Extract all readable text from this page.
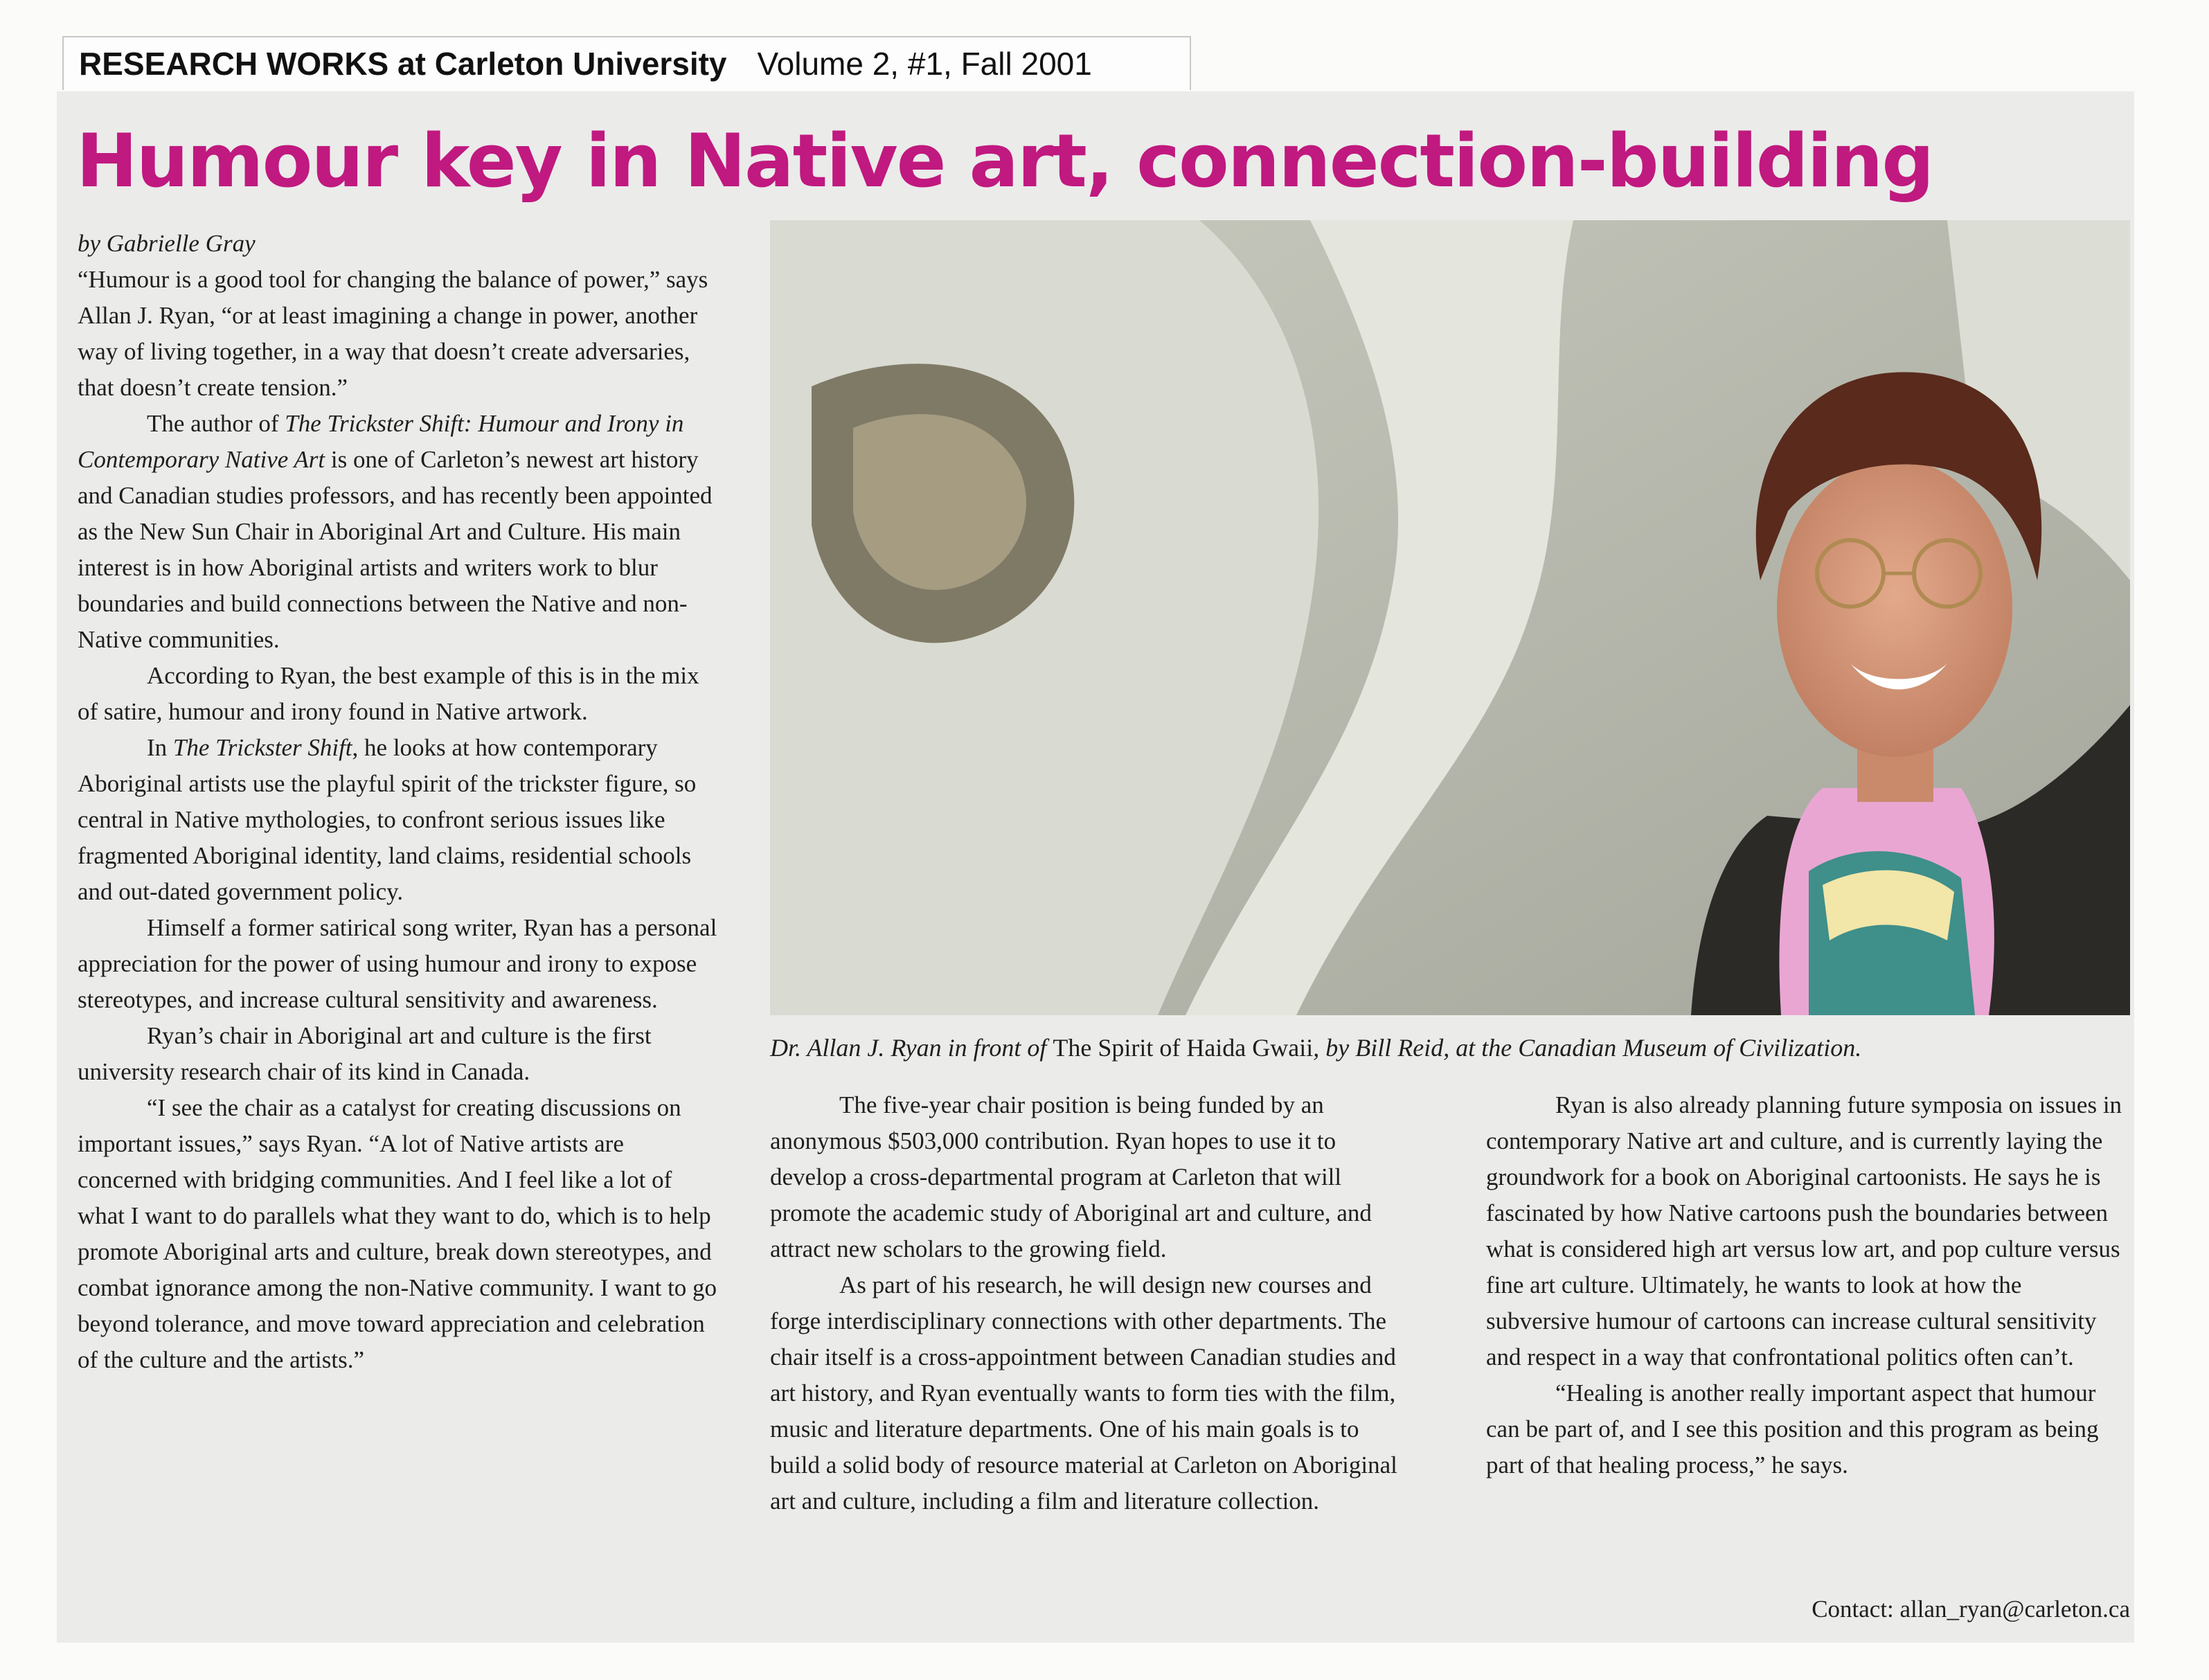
RESEARCH WORKS at Carleton University Volume 2, #1, Fall 2001
Humour key in Native art, connection-building

by Gabrielle Gray

“Humour is a good tool for changing the balance of power,” says Allan J. Ryan, “or at least imagining a change in power, another way of living together, in a way that doesn’t create adversaries, that doesn’t create tension.”

The author of The Trickster Shift: Humour and Irony in Contemporary Native Art is one of Carleton’s newest art history and Canadian studies professors, and has recently been appointed as the New Sun Chair in Aboriginal Art and Culture. His main interest is in how Aboriginal artists and writers work to blur boundaries and build connections between the Native and non-Native communities.

According to Ryan, the best example of this is in the mix of satire, humour and irony found in Native artwork.

In The Trickster Shift, he looks at how contemporary Aboriginal artists use the playful spirit of the trickster figure, so central in Native mythologies, to confront serious issues like fragmented Aboriginal identity, land claims, residential schools and out-dated government policy.

Himself a former satirical song writer, Ryan has a personal appreciation for the power of using humour and irony to expose stereotypes, and increase cultural sensitivity and awareness.

Ryan’s chair in Aboriginal art and culture is the first university research chair of its kind in Canada.

“I see the chair as a catalyst for creating discussions on important issues,” says Ryan. “A lot of Native artists are concerned with bridging communities. And I feel like a lot of what I want to do parallels what they want to do, which is to help promote Aboriginal arts and culture, break down stereotypes, and combat ignorance among the non-Native community. I want to go beyond tolerance, and move toward appreciation and celebration of the culture and the artists.”

Dr. Allan J. Ryan in front of The Spirit of Haida Gwaii, by Bill Reid, at the Canadian Museum of Civilization.

The five-year chair position is being funded by an anonymous $503,000 contribution. Ryan hopes to use it to develop a cross-departmental program at Carleton that will promote the academic study of Aboriginal art and culture, and attract new scholars to the growing field.

As part of his research, he will design new courses and forge interdisciplinary connections with other departments. The chair itself is a cross-appointment between Canadian studies and art history, and Ryan eventually wants to form ties with the film, music and literature departments. One of his main goals is to build a solid body of resource material at Carleton on Aboriginal art and culture, including a film and literature collection.

Ryan is also already planning future symposia on issues in contemporary Native art and culture, and is currently laying the groundwork for a book on Aboriginal cartoonists. He says he is fascinated by how Native cartoons push the boundaries between what is considered high art versus low art, and pop culture versus fine art culture. Ultimately, he wants to look at how the subversive humour of cartoons can increase cultural sensitivity and respect in a way that confrontational politics often can’t.

“Healing is another really important aspect that humour can be part of, and I see this position and this program as being part of that healing process,” he says.

Contact: allan_ryan@carleton.ca
